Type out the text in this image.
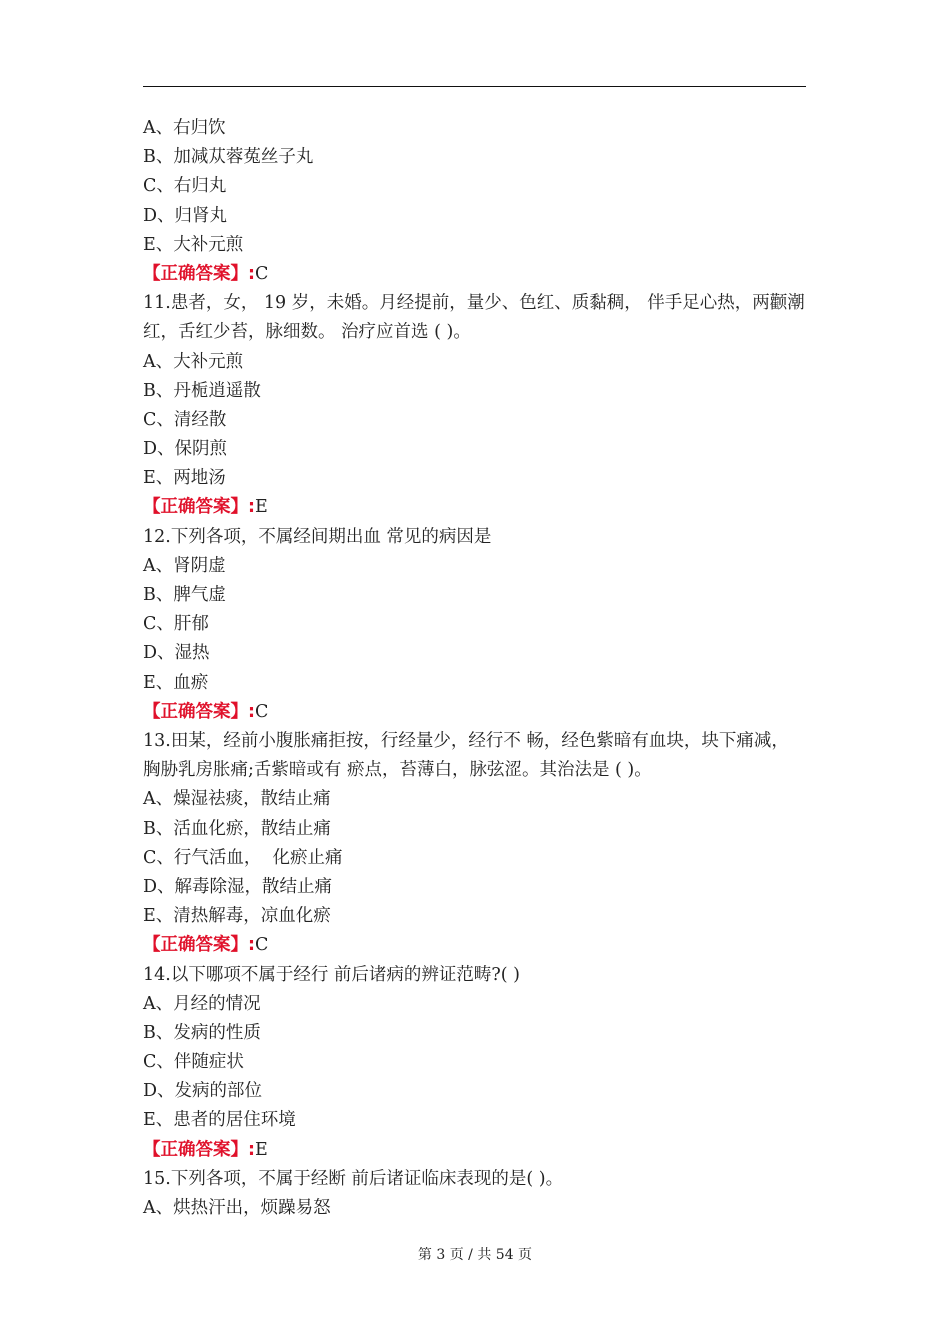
A、右归饮
B、加减苁蓉菟丝子丸
C、右归丸
D、归肾丸
E、大补元煎
【正确答案】:C
11.患者，女， 19 岁，未婚。月经提前，量少、色红、质黏稠， 伴手足心热，两颧潮红，舌红少苔，脉细数。 治疗应首选 ( )。
A、大补元煎
B、丹栀逍遥散
C、清经散
D、保阴煎
E、两地汤
【正确答案】:E
12.下列各项，不属经间期出血 常见的病因是
A、肾阴虚
B、脾气虚
C、肝郁
D、湿热
E、血瘀
【正确答案】:C
13.田某，经前小腹胀痛拒按，行经量少，经行不 畅，经色紫暗有血块，块下痛减，胸胁乳房胀痛;舌紫暗或有 瘀点，苔薄白，脉弦涩。其治法是 ( )。
A、燥湿祛痰，散结止痛
B、活血化瘀，散结止痛
C、行气活血，  化瘀止痛
D、解毒除湿，散结止痛
E、清热解毒，凉血化瘀
【正确答案】:C
14.以下哪项不属于经行 前后诸病的辨证范畴?( )
A、月经的情况
B、发病的性质
C、伴随症状
D、发病的部位
E、患者的居住环境
【正确答案】:E
15.下列各项，不属于经断 前后诸证临床表现的是( )。
A、烘热汗出，烦躁易怒
第 3 页 / 共 54 页
